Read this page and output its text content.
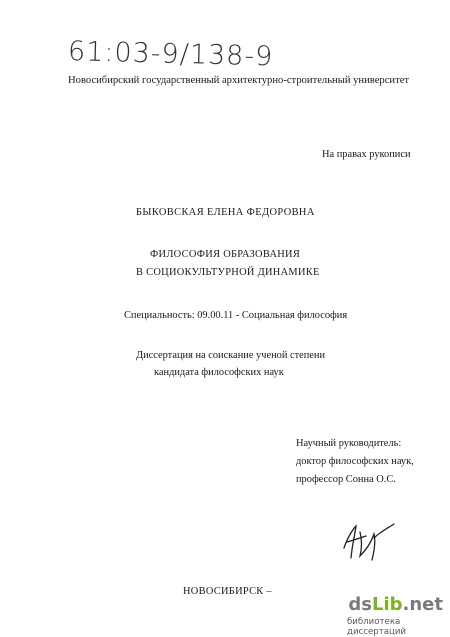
61:03-9/138-9
Новосибирский государственный архитектурно-строительный университет
На правах рукописи
БЫКОВСКАЯ ЕЛЕНА ФЕДОРОВНА
ФИЛОСОФИЯ ОБРАЗОВАНИЯ
В СОЦИОКУЛЬТУРНОЙ ДИНАМИКЕ
Специальность: 09.00.11 - Социальная философия
Диссертация на соискание ученой степени
кандидата философских наук
Научный руководитель:
доктор философских наук,
профессор Сонна О.С.
НОВОСИБИРСК –
dsLib.net
библиотека диссертаций
